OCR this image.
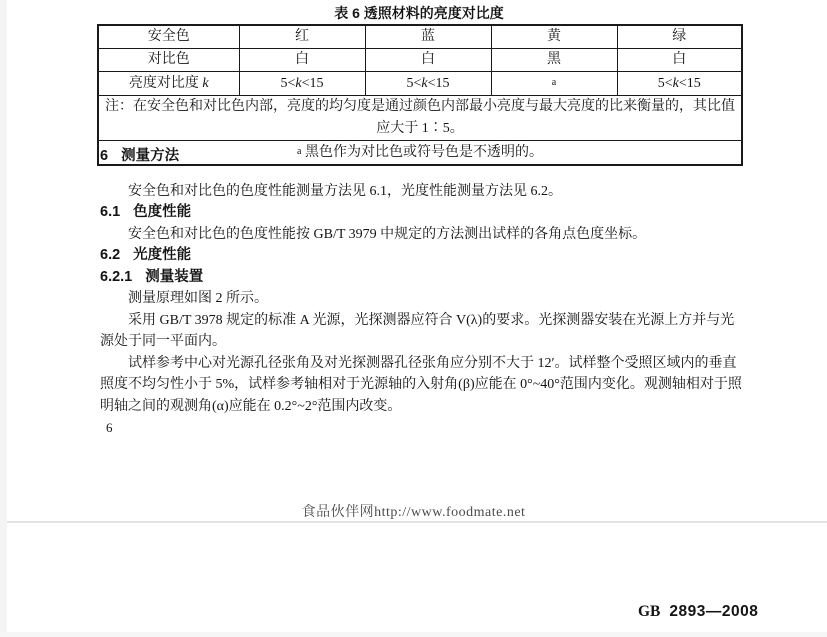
表 6 透照材料的亮度对比度
安全色	红	蓝	黄	绿
对比色	白	白	黑	白
亮度对比度 k	5<k<15	5<k<15	a	5<k<15
注：在安全色和对比色内部，亮度的均匀度是通过颜色内部最小亮度与最大亮度的比来衡量的，其比值应大于 1∶5。				
$^a$ 黑色作为对比色或符号色是不透明的。				
6 测量方法

安全色和对比色的色度性能测量方法见 6.1，光度性能测量方法见 6.2。

6.1 色度性能

安全色和对比色的色度性能按 GB/T 3979 中规定的方法测出试样的各角点色度坐标。

6.2 光度性能
6.2.1 测量装置

测量原理如图 2 所示。

采用 GB/T 3978 规定的标准 A 光源，光探测器应符合 V(λ)的要求。光探测器安装在光源上方并与光源处于同一平面内。

试样参考中心对光源孔径张角及对光探测器孔径张角应分别不大于 12′。试样整个受照区域内的垂直照度不均匀性小于 5%，试样参考轴相对于光源轴的入射角(β)应能在 0°~40°范围内变化。观测轴相对于照明轴之间的观测角(α)应能在 0.2°~2°范围内改变。

6
食品伙伴网http://www.foodmate.net
GB 2893—2008
